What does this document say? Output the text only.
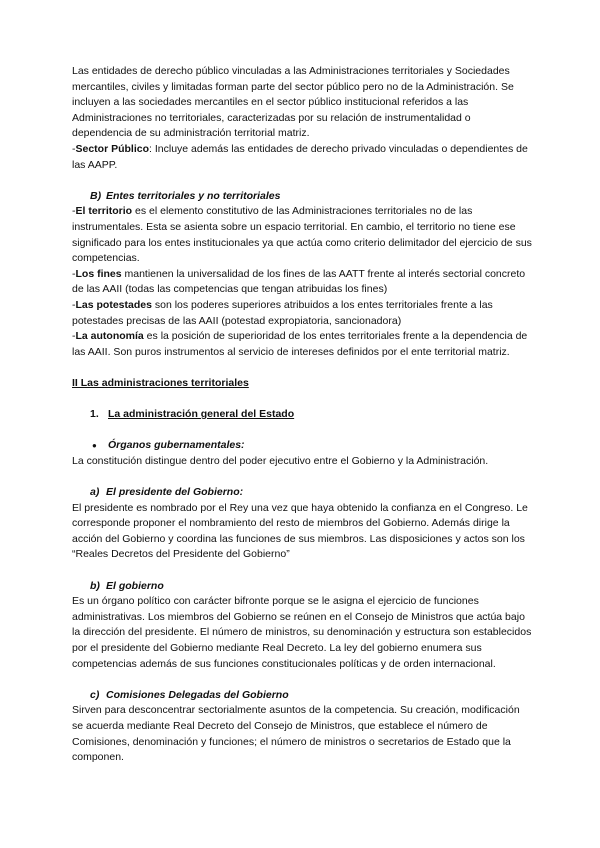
Las entidades de derecho público vinculadas a las Administraciones territoriales y Sociedades mercantiles, civiles y limitadas forman parte del sector público pero no de la Administración. Se incluyen a las sociedades mercantiles en el sector público institucional referidos a las Administraciones no territoriales, caracterizadas por su relación de instrumentalidad o dependencia de su administración territorial matriz.

-Sector Público: Incluye además las entidades de derecho privado vinculadas o dependientes de las AAPP.

B) Entes territoriales y no territoriales

-El territorio es el elemento constitutivo de las Administraciones territoriales no de las instrumentales. Esta se asienta sobre un espacio territorial. En cambio, el territorio no tiene ese significado para los entes institucionales ya que actúa como criterio delimitador del ejercicio de sus competencias.

-Los fines mantienen la universalidad de los fines de las AATT frente al interés sectorial concreto de las AAII (todas las competencias que tengan atribuidas los fines)

-Las potestades son los poderes superiores atribuidos a los entes territoriales frente a las potestades precisas de las AAII (potestad expropiatoria, sancionadora)

-La autonomía es la posición de superioridad de los entes territoriales frente a la dependencia de las AAII. Son puros instrumentos al servicio de intereses definidos por el ente territorial matriz.

II Las administraciones territoriales

1. La administración general del Estado

● Órganos gubernamentales:

La constitución distingue dentro del poder ejecutivo entre el Gobierno y la Administración.

a) El presidente del Gobierno:

El presidente es nombrado por el Rey una vez que haya obtenido la confianza en el Congreso. Le corresponde proponer el nombramiento del resto de miembros del Gobierno. Además dirige la acción del Gobierno y coordina las funciones de sus miembros. Las disposiciones y actos son los “Reales Decretos del Presidente del Gobierno”

b) El gobierno

Es un órgano político con carácter bifronte porque se le asigna el ejercicio de funciones administrativas. Los miembros del Gobierno se reúnen en el Consejo de Ministros que actúa bajo la dirección del presidente. El número de ministros, su denominación y estructura son establecidos por el presidente del Gobierno mediante Real Decreto. La ley del gobierno enumera sus competencias además de sus funciones constitucionales políticas y de orden internacional.

c) Comisiones Delegadas del Gobierno

Sirven para desconcentrar sectorialmente asuntos de la competencia. Su creación, modificación se acuerda mediante Real Decreto del Consejo de Ministros, que establece el número de Comisiones, denominación y funciones; el número de ministros o secretarios de Estado que la componen.
